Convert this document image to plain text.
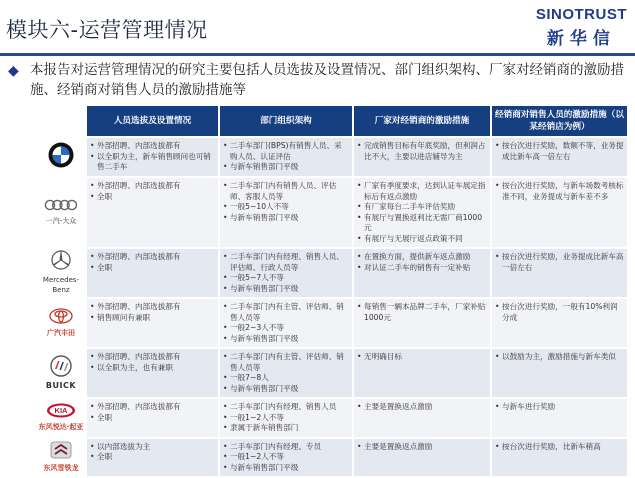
模块六-运营管理情况
SINOTRUST
新华信
◆ 本报告对运营管理情况的研究主要包括人员选拔及设置情况、部门组织架构、厂家对经销商的激励措施、经销商对销售人员的激励措施等
	人员选拔及设置情况	部门组织架构	厂家对经销商的激励措施	经销商对销售人员的激励措施（以某经销店为例）

• 外部招聘、内部选拔都有
• 以全职为主，新车销售顾问也可销售二手车	• 二手车部门(BPS)有销售人员、采购人员、认证评估
• 与新车销售部门平级	• 完成销售目标有年底奖励，但利润占比不大，主要以进店辅导为主	• 按台次进行奖励，数额不等，业务提成比新车高一倍左右

一汽-大众	• 外部招聘、内部选拔都有
• 全职	• 二手车部门内有销售人员、评估师、客服人员等
• 一般5~10人不等
• 与新车销售部门平级	• 厂家有季度要求，达到认证车展定指标后有返点激励
• 有厂家每台二手车评估奖励
• 有展厅与置换返利比无需厂商1000元
• 有展厅与无展厅返点政策不同	• 按台次进行奖励，与新车场数考核标准不同，业务提成与新车差不多

Mercedes-Benz	• 外部招聘、内部选拔都有
• 全职	• 二手车部门内有经理、销售人员、评估师、行政人员等
• 一般5~7人不等
• 与新车销售部门平级	• 在置换方面，提供新车返点激励
• 对认证二手车的销售有一定补贴	• 按台次进行奖励，业务提成比新车高一倍左右

广汽丰田	• 外部招聘、内部选拔都有
• 销售顾问有兼职	• 二手车部门内有主管、评估师、销售人员等
• 一般2~3人不等
• 与新车销售部门平级	• 每销售一辆本品牌二手车，厂家补贴1000元	• 按台次进行奖励，一般有10%利润分成

BUICK	• 外部招聘、内部选拔都有
• 以全职为主，也有兼职	• 二手车部门内有主管、评估师、销售人员等
• 一般7~8人
• 与新车销售部门平级	• 无明确目标	• 以鼓励为主，激励措施与新车类似

KIA
东风悦达·起亚	• 外部招聘、内部选拔都有
• 全职	• 二手车部门内有经理、销售人员
• 一般1~2人不等
• 隶属于新车销售部门	• 主要是置换返点激励	• 与新车进行奖励

东风雪铁龙	• 以内部选拔为主
• 全职	• 二手车部门内有经理、专员
• 一般1~2人不等
• 与新车销售部门平级	• 主要是置换返点激励	• 按台次进行奖励，比新车稍高
